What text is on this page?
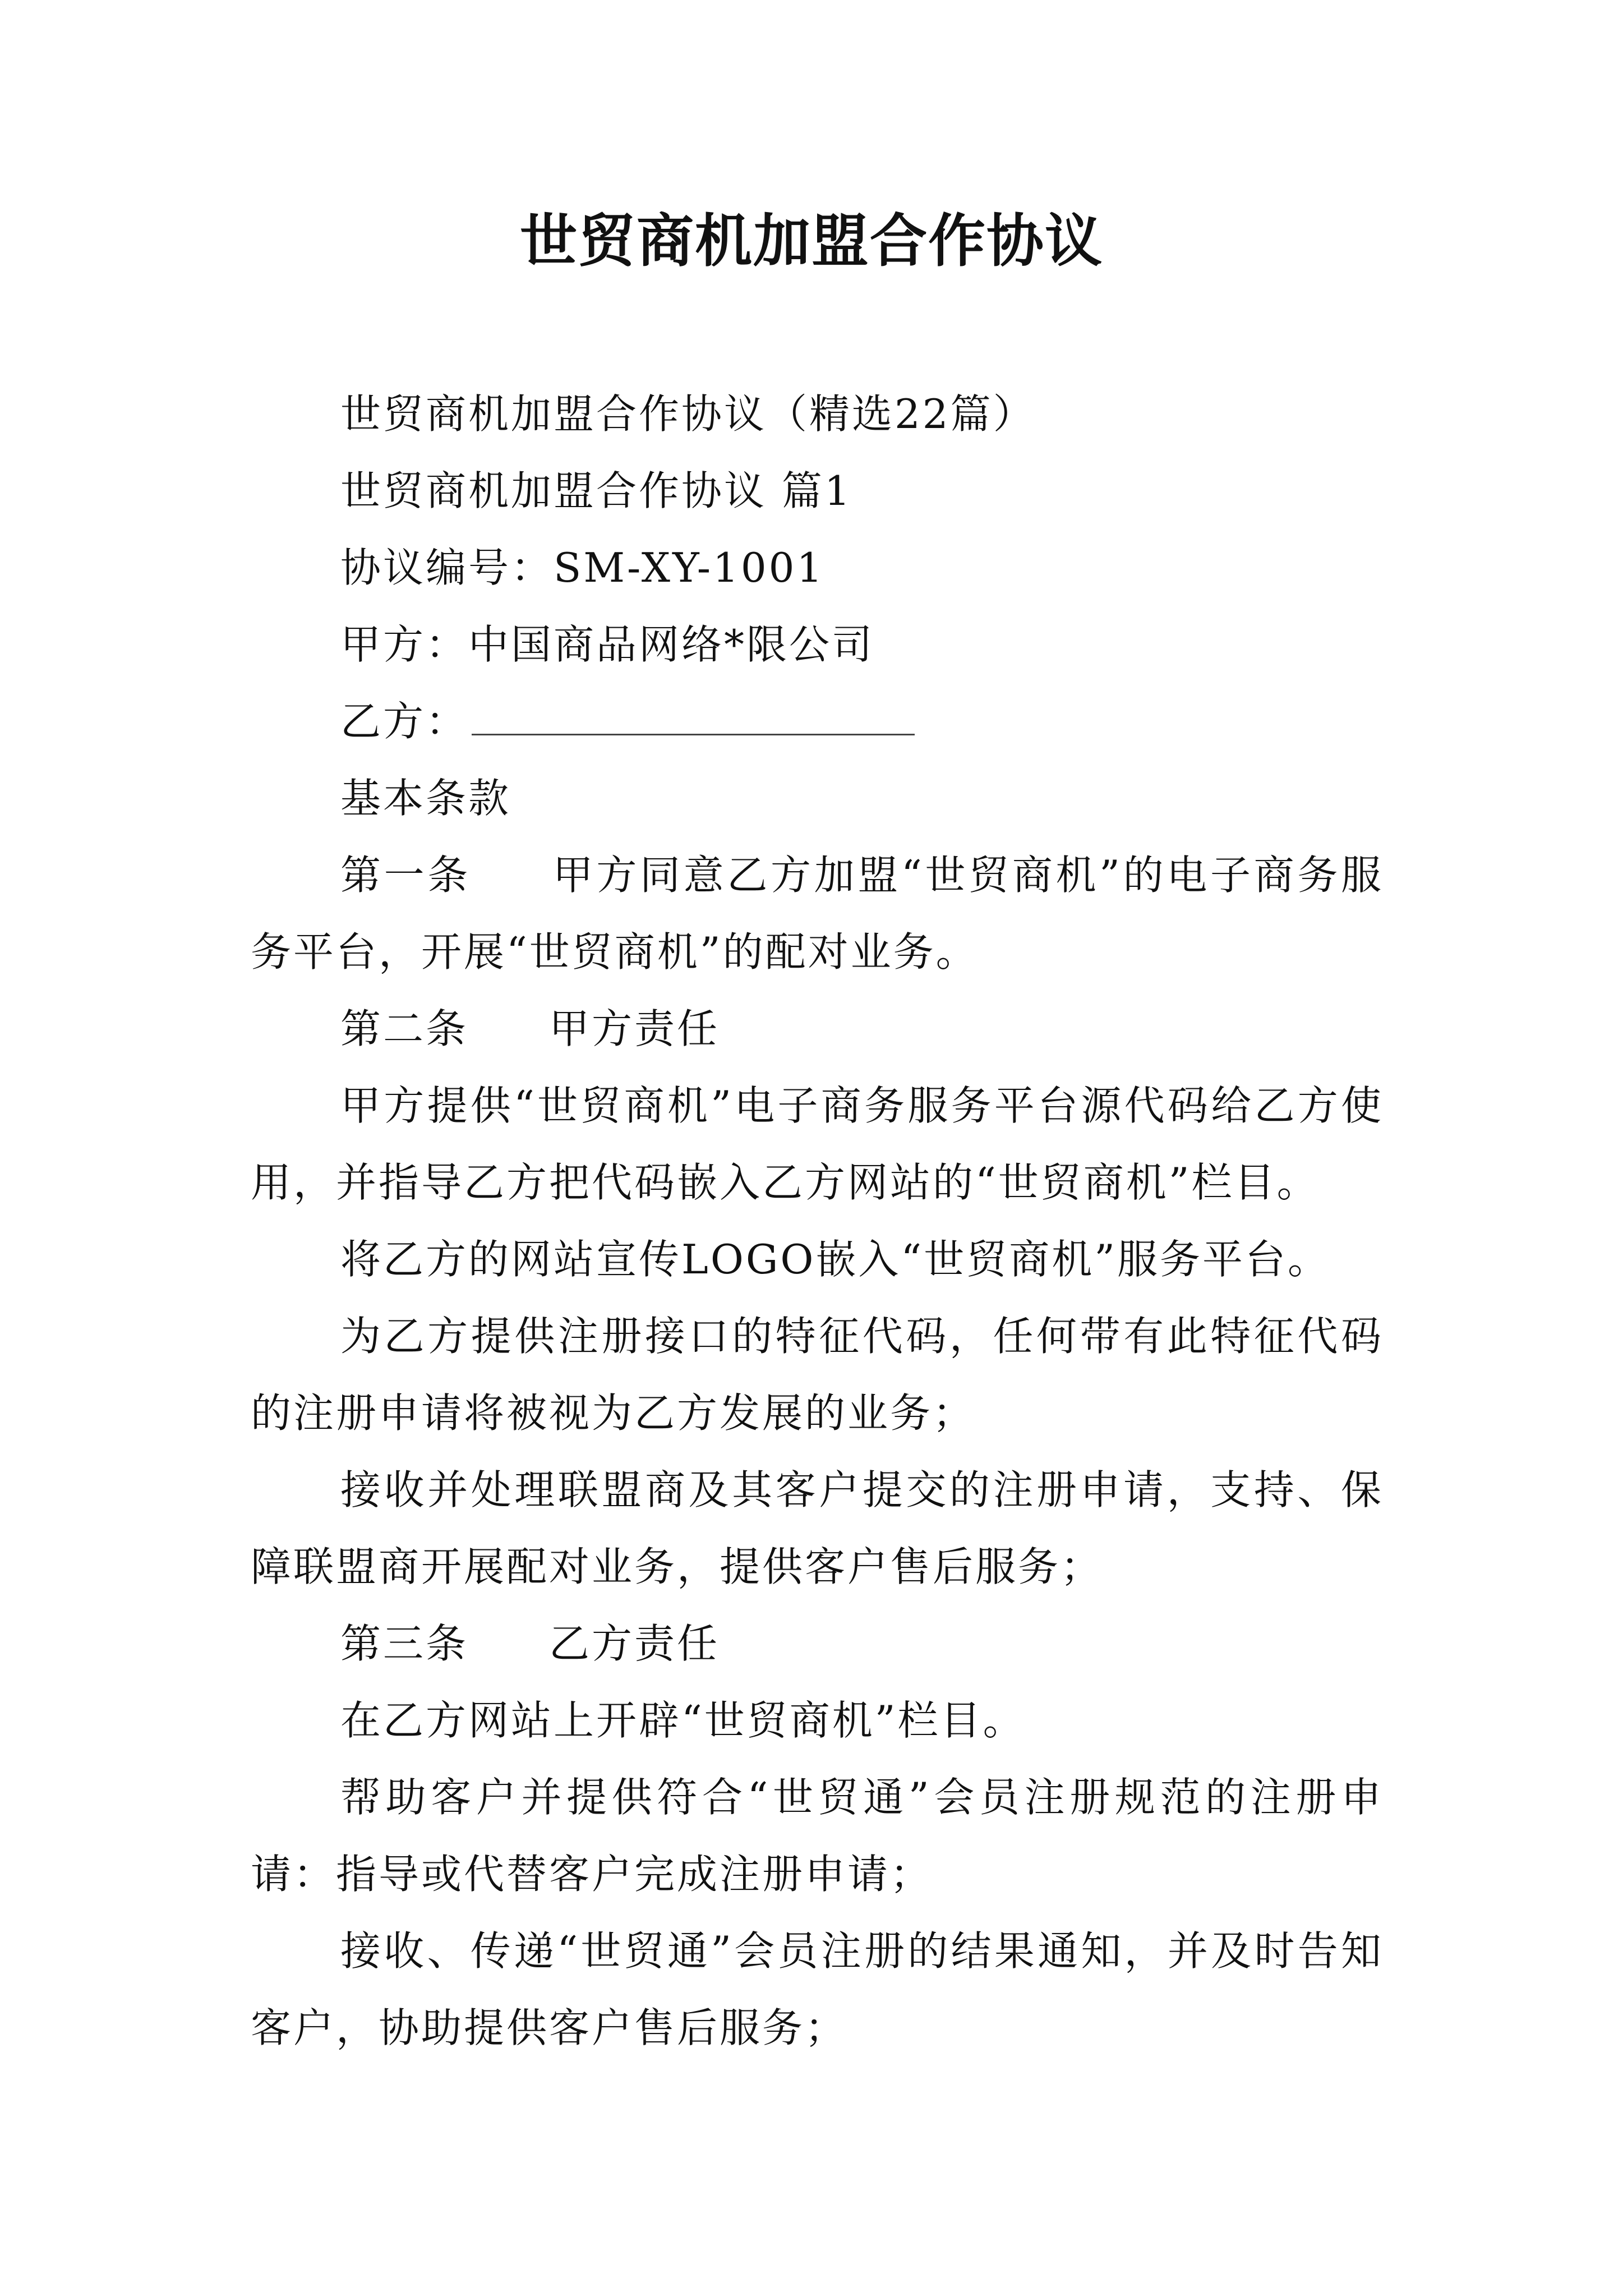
世贸商机加盟合作协议

世贸商机加盟合作协议（精选22篇）

世贸商机加盟合作协议 篇1

协议编号：SM-XY-1001

甲方：中国商品网络*限公司

乙方：

基本条款

第一条 甲方同意乙方加盟“世贸商机”的电子商务服务平台，开展“世贸商机”的配对业务。

第二条 甲方责任

甲方提供“世贸商机”电子商务服务平台源代码给乙方使用，并指导乙方把代码嵌入乙方网站的“世贸商机”栏目。

将乙方的网站宣传LOGO嵌入“世贸商机”服务平台。

为乙方提供注册接口的特征代码，任何带有此特征代码的注册申请将被视为乙方发展的业务；

接收并处理联盟商及其客户提交的注册申请，支持、保障联盟商开展配对业务，提供客户售后服务；

第三条 乙方责任

在乙方网站上开辟“世贸商机”栏目。

帮助客户并提供符合“世贸通”会员注册规范的注册申请：指导或代替客户完成注册申请；

接收、传递“世贸通”会员注册的结果通知，并及时告知客户，协助提供客户售后服务；
